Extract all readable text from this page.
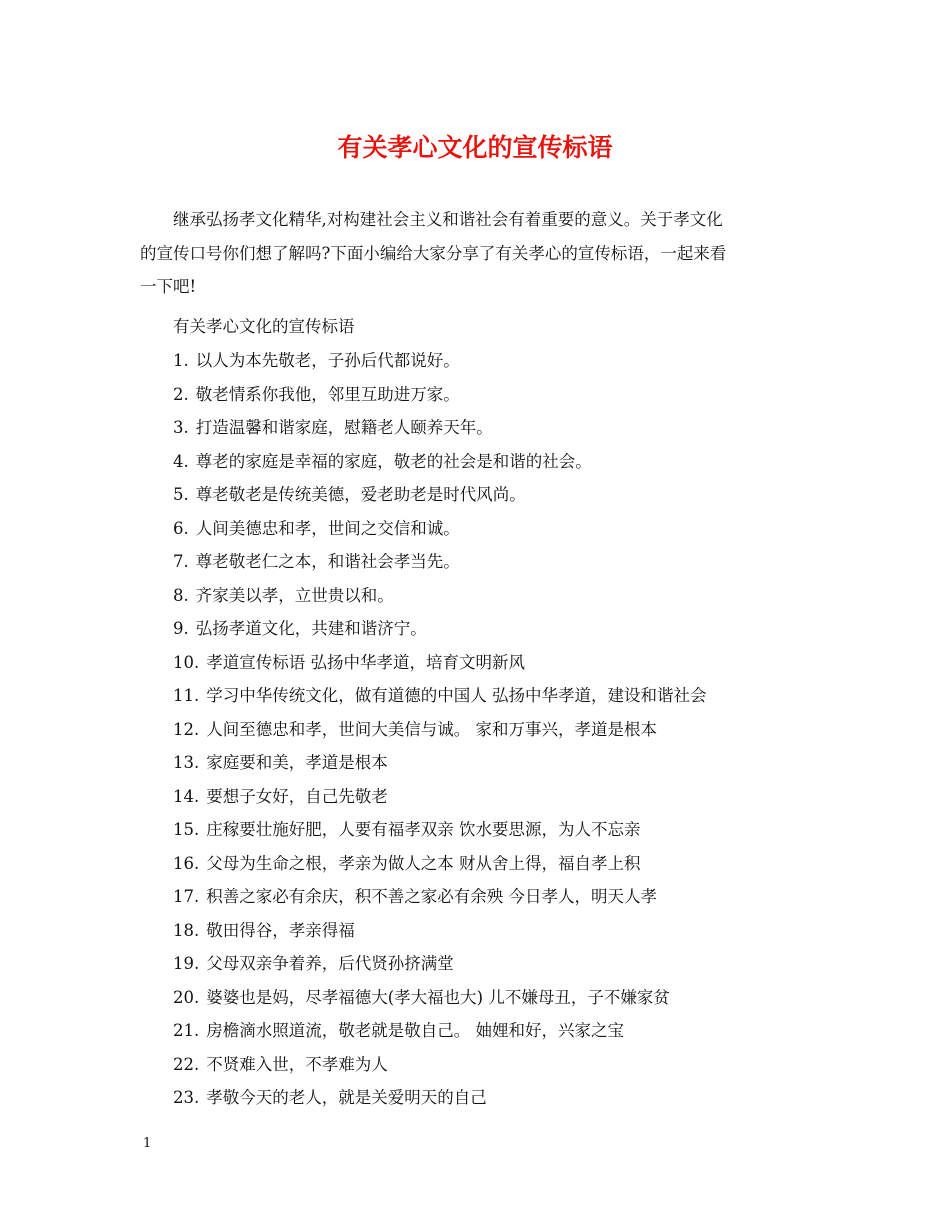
有关孝心文化的宣传标语

继承弘扬孝文化精华,对构建社会主义和谐社会有着重要的意义。关于孝文化
的宣传口号你们想了解吗?下面小编给大家分享了有关孝心的宣传标语，一起来看
一下吧!

有关孝心文化的宣传标语

1. 以人为本先敬老，子孙后代都说好。
2. 敬老情系你我他，邻里互助进万家。
3. 打造温馨和谐家庭，慰籍老人颐养天年。
4. 尊老的家庭是幸福的家庭，敬老的社会是和谐的社会。
5. 尊老敬老是传统美德，爱老助老是时代风尚。
6. 人间美德忠和孝，世间之交信和诚。
7. 尊老敬老仁之本，和谐社会孝当先。
8. 齐家美以孝，立世贵以和。
9. 弘扬孝道文化，共建和谐济宁。
10. 孝道宣传标语 弘扬中华孝道，培育文明新风
11. 学习中华传统文化，做有道德的中国人 弘扬中华孝道，建设和谐社会
12. 人间至德忠和孝，世间大美信与诚。 家和万事兴，孝道是根本
13. 家庭要和美，孝道是根本
14. 要想子女好，自己先敬老
15. 庄稼要壮施好肥，人要有福孝双亲 饮水要思源，为人不忘亲
16. 父母为生命之根，孝亲为做人之本 财从舍上得，福自孝上积
17. 积善之家必有余庆，积不善之家必有余殃 今日孝人，明天人孝
18. 敬田得谷，孝亲得福
19. 父母双亲争着养，后代贤孙挤满堂
20. 婆婆也是妈，尽孝福德大(孝大福也大) 儿不嫌母丑，子不嫌家贫
21. 房檐滴水照道流，敬老就是敬自己。 妯娌和好，兴家之宝
22. 不贤难入世，不孝难为人
23. 孝敬今天的老人，就是关爱明天的自己
1
